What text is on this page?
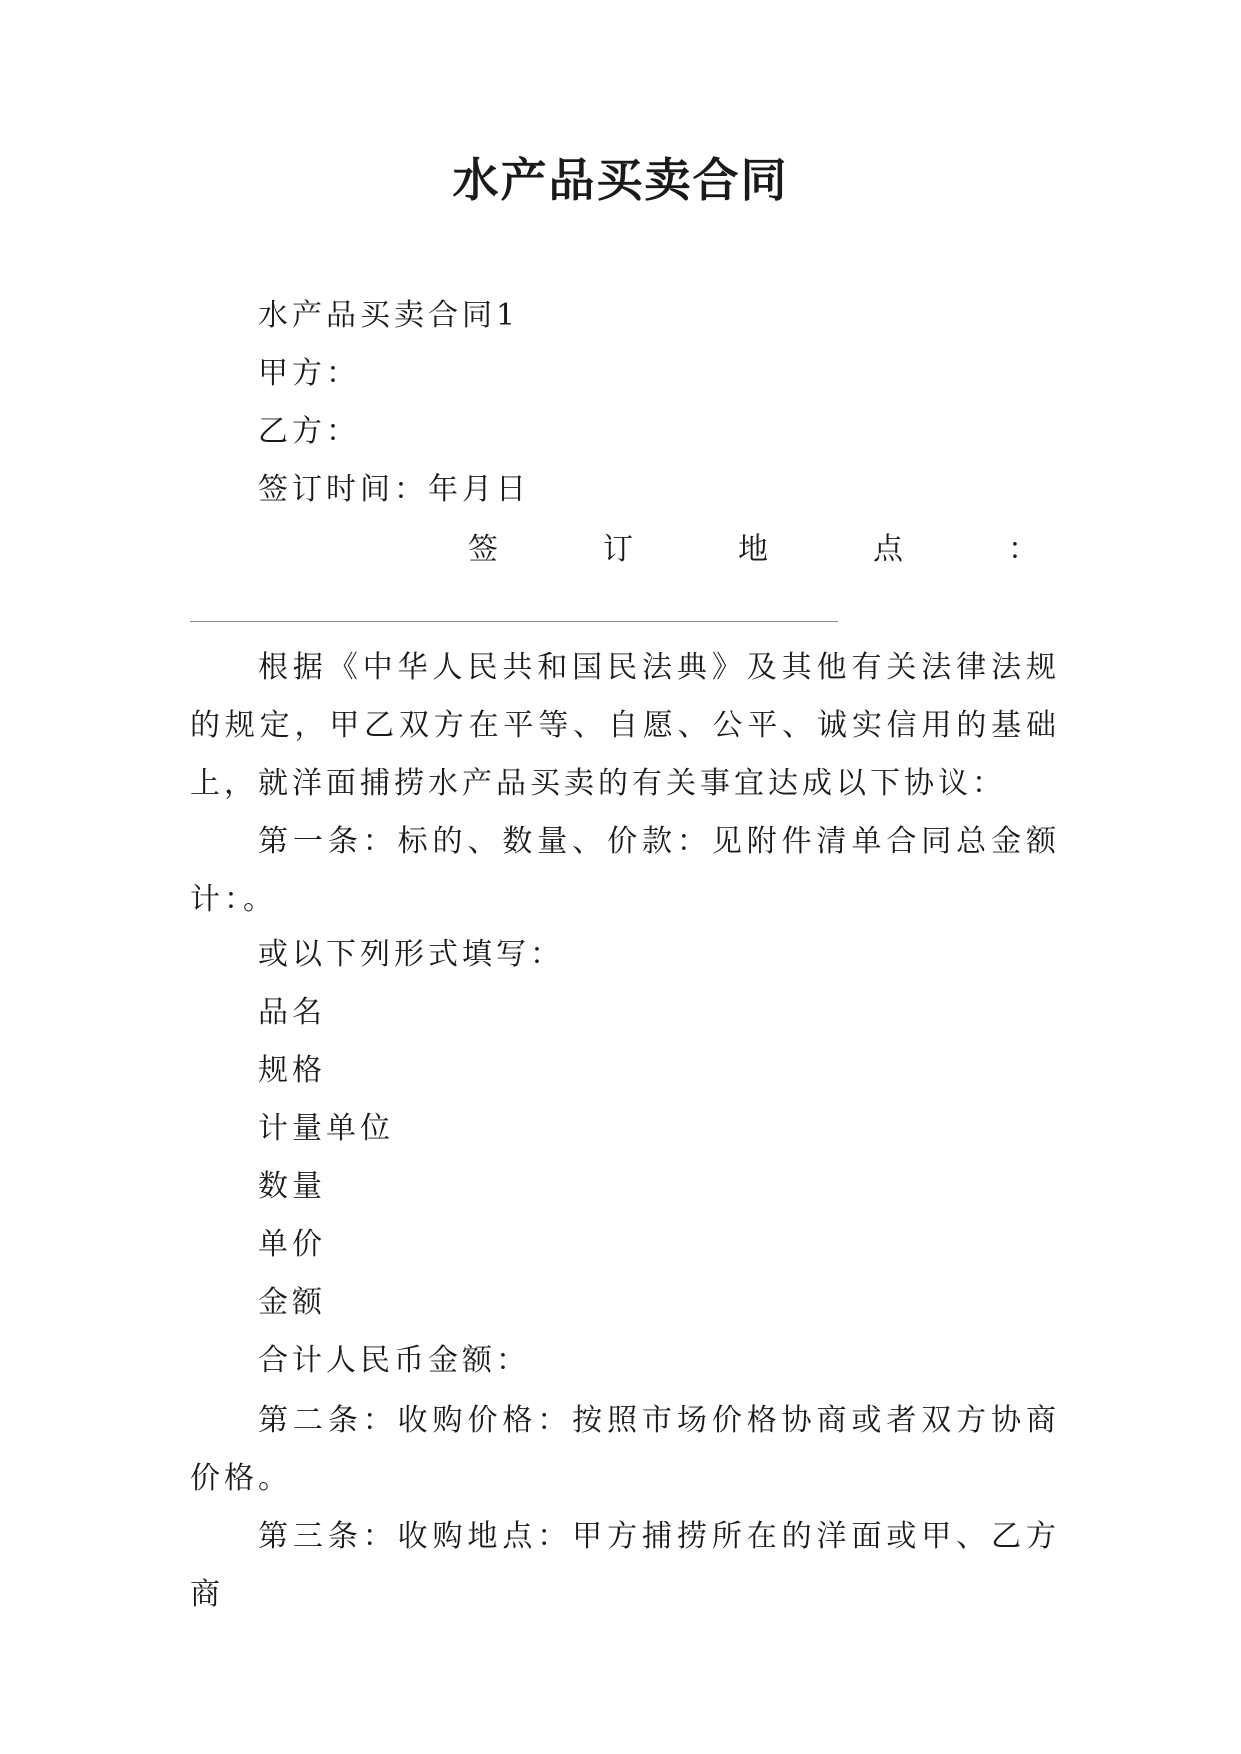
水产品买卖合同
水产品买卖合同1
甲方：
乙方：
签订时间：年月日
签	订	地	点	：
根据《中华人民共和国民法典》及其他有关法律法规的规定，甲乙双方在平等、自愿、公平、诚实信用的基础上，就洋面捕捞水产品买卖的有关事宜达成以下协议：
第一条：标的、数量、价款：见附件清单合同总金额计：。
或以下列形式填写：
品名
规格
计量单位
数量
单价
金额
合计人民币金额：
第二条：收购价格：按照市场价格协商或者双方协商价格。
第三条：收购地点：甲方捕捞所在的洋面或甲、乙方商
